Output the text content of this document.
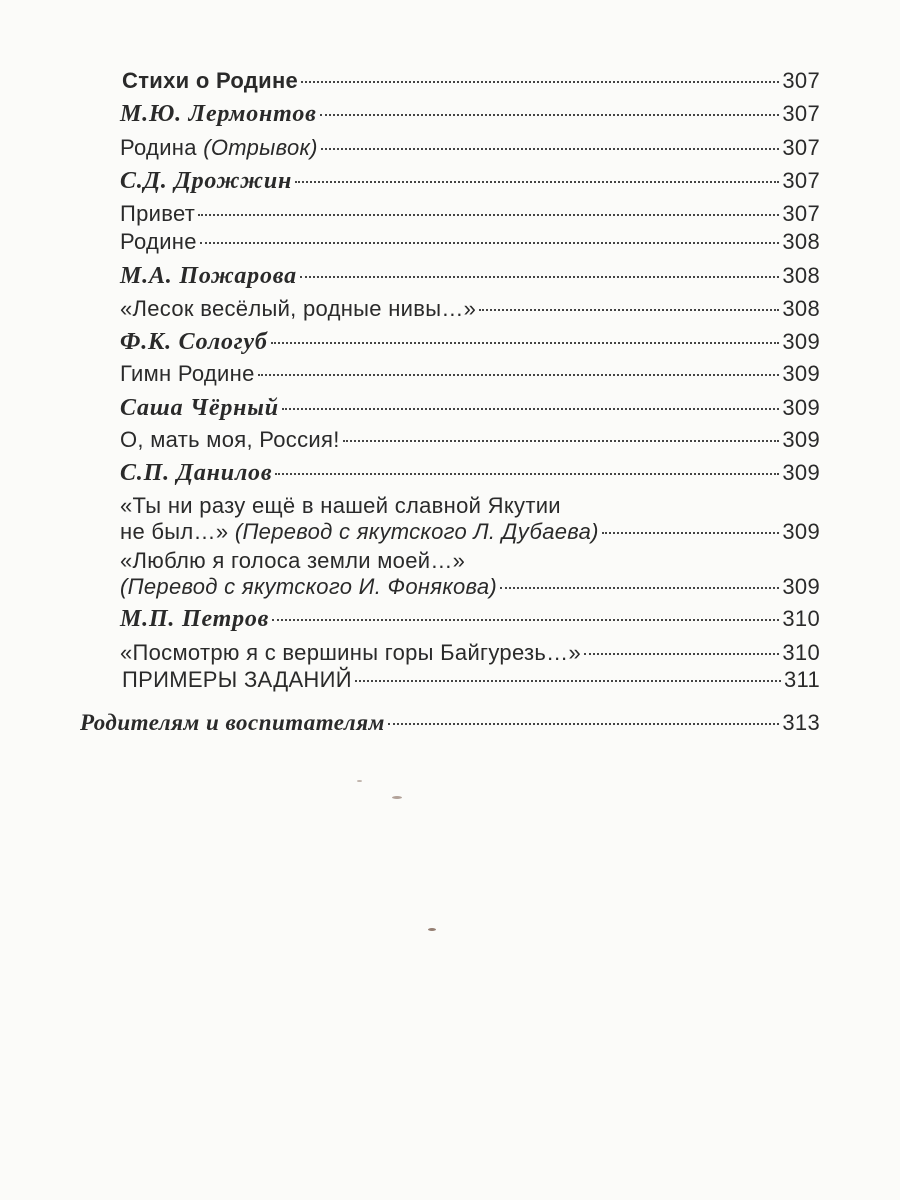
Стихи о Родине	307
М.Ю. Лермонтов	307
Родина (Отрывок)	307
С.Д. Дрожжин	307
Привет	307
Родине	308
М.А. Пожарова	308
«Лесок весёлый, родные нивы…»	308
Ф.К. Сологуб	309
Гимн Родине	309
Саша Чёрный	309
О, мать моя, Россия!	309
С.П. Данилов	309
«Ты ни разу ещё в нашей славной Якутии
не был…» (Перевод с якутского Л. Дубаева)	309
«Люблю я голоса земли моей…»
(Перевод с якутского И. Фонякова)	309
М.П. Петров	310
«Посмотрю я с вершины горы Байгурезь…»	310
ПРИМЕРЫ ЗАДАНИЙ	311
Родителям и воспитателям	313
